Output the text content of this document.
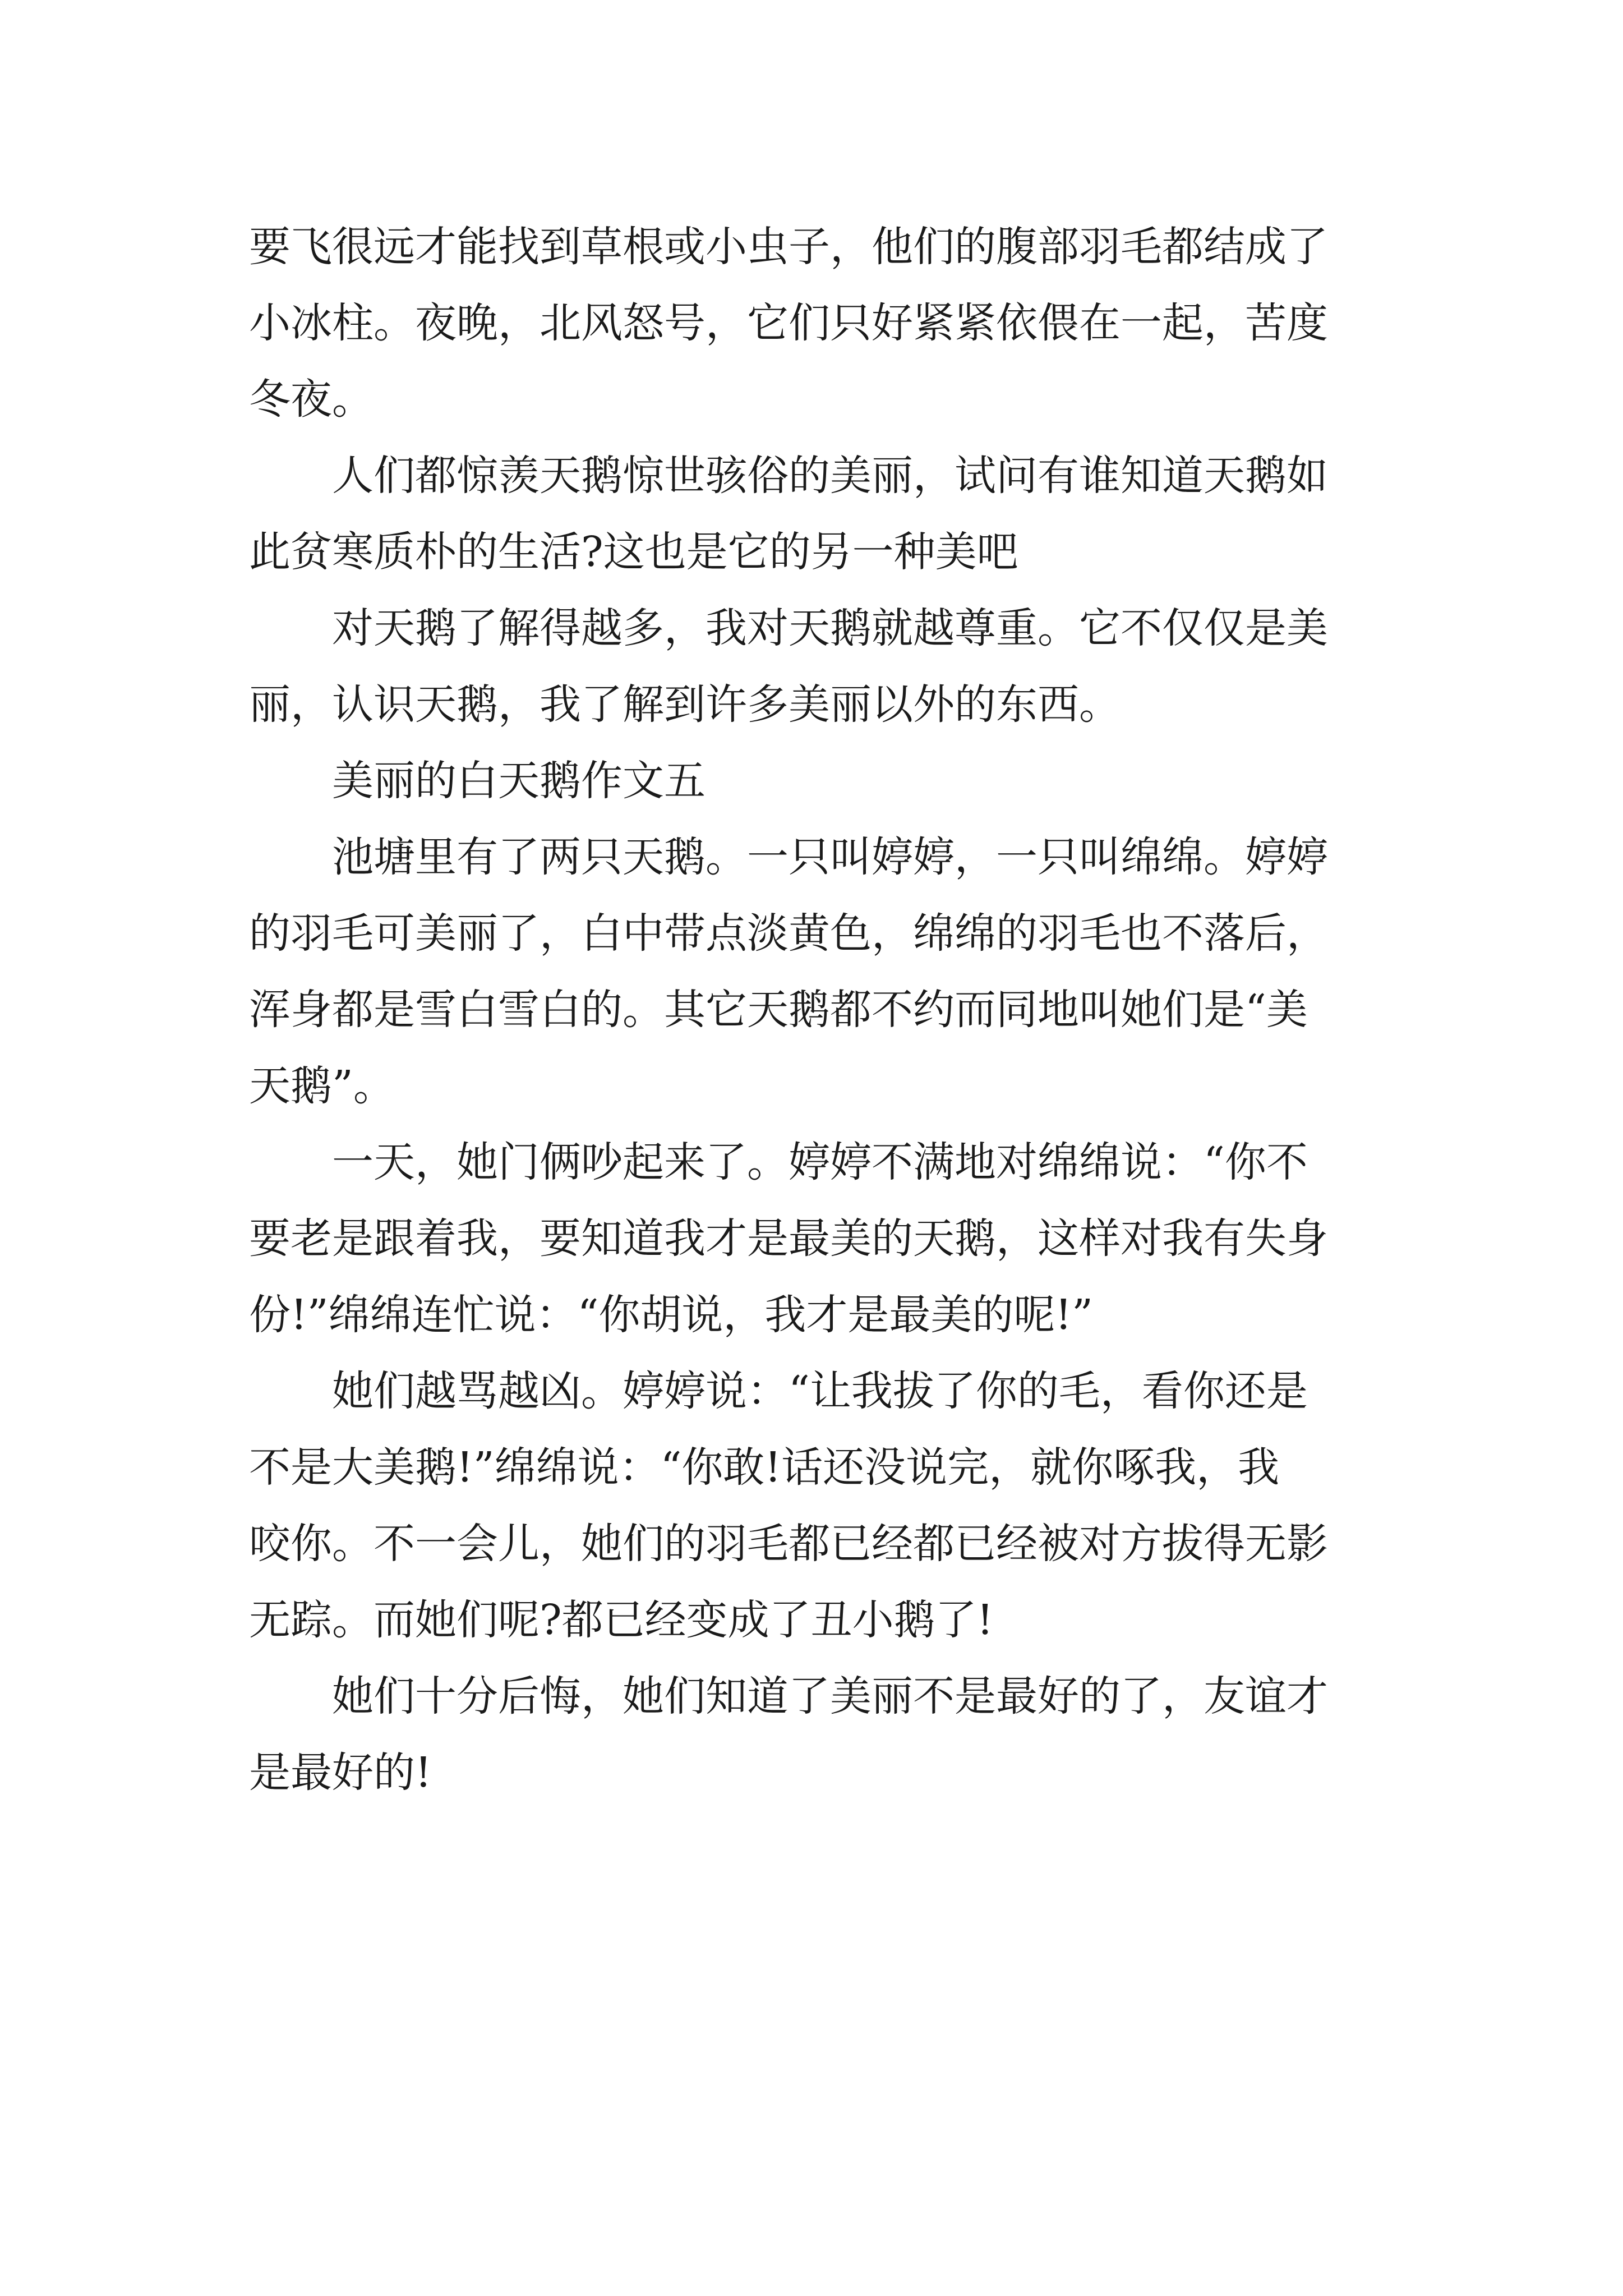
要飞很远才能找到草根或小虫子，他们的腹部羽毛都结成了
小冰柱。夜晚，北风怒号，它们只好紧紧依偎在一起，苦度
冬夜。
人们都惊羡天鹅惊世骇俗的美丽，试问有谁知道天鹅如
此贫寒质朴的生活?这也是它的另一种美吧
对天鹅了解得越多，我对天鹅就越尊重。它不仅仅是美
丽，认识天鹅，我了解到许多美丽以外的东西。
美丽的白天鹅作文五
池塘里有了两只天鹅。一只叫婷婷，一只叫绵绵。婷婷
的羽毛可美丽了，白中带点淡黄色，绵绵的羽毛也不落后，
浑身都是雪白雪白的。其它天鹅都不约而同地叫她们是“美
天鹅”。
一天，她门俩吵起来了。婷婷不满地对绵绵说：“你不
要老是跟着我，要知道我才是最美的天鹅，这样对我有失身
份!”绵绵连忙说：“你胡说，我才是最美的呢!”
她们越骂越凶。婷婷说：“让我拔了你的毛，看你还是
不是大美鹅!”绵绵说：“你敢!话还没说完，就你啄我，我
咬你。不一会儿，她们的羽毛都已经都已经被对方拔得无影
无踪。而她们呢?都已经变成了丑小鹅了!
她们十分后悔，她们知道了美丽不是最好的了，友谊才
是最好的!
